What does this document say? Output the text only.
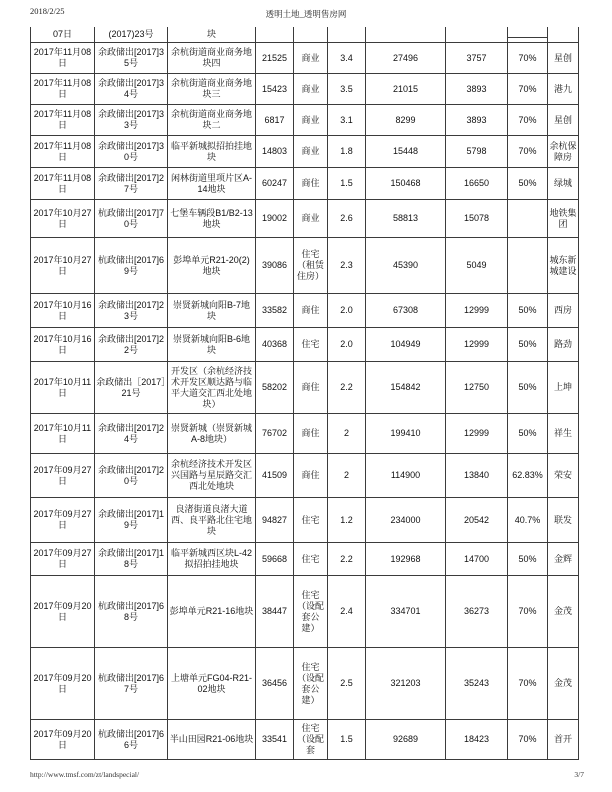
2018/2/25	透明土地_透明售房网
07日	(2017)23号	块							
2017年11月08日	余政储出[2017]35号	余杭街道商业商务地块四	21525	商业	3.4	27496	3757	70%	星创
2017年11月08日	余政储出[2017]34号	余杭街道商业商务地块三	15423	商业	3.5	21015	3893	70%	港九
2017年11月08日	余政储出[2017]33号	余杭街道商业商务地块二	6817	商业	3.1	8299	3893	70%	星创
2017年11月08日	余政储出[2017]30号	临平新城拟招拍挂地块	14803	商业	1.8	15448	5798	70%	余杭保障房
2017年11月08日	余政储出[2017]27号	闲林街道里项片区A-14地块	60247	商住	1.5	150468	16650	50%	绿城
2017年10月27日	杭政储出[2017]70号	七堡车辆段B1/B2-13地块	19002	商业	2.6	58813	15078		地铁集团
2017年10月27日	杭政储出[2017]69号	彭埠单元R21-20(2)地块	39086	住宅（租赁住房）	2.3	45390	5049		城东新城建设
2017年10月16日	余政储出[2017]23号	崇贤新城向阳B-7地块	33582	商住	2.0	67308	12999	50%	西房
2017年10月16日	余政储出[2017]22号	崇贤新城向阳B-6地块	40368	住宅	2.0	104949	12999	50%	路劲
2017年10月11日	余政储出［2017］21号	开发区（余杭经济技术开发区顺达路与临平大道交汇西北处地块）	58202	商住	2.2	154842	12750	50%	上坤
2017年10月11日	余政储出[2017]24号	崇贤新城（崇贤新城A-8地块）	76702	商住	2	199410	12999	50%	祥生
2017年09月27日	余政储出[2017]20号	余杭经济技术开发区兴国路与星辰路交汇西北处地块	41509	商住	2	114900	13840	62.83%	荣安
2017年09月27日	余政储出[2017]19号	良渚街道良渚大道西、良平路北住宅地块	94827	住宅	1.2	234000	20542	40.7%	联发
2017年09月27日	余政储出[2017]18号	临平新城西区块L-42拟招拍挂地块	59668	住宅	2.2	192968	14700	50%	金辉
2017年09月20日	杭政储出[2017]68号	彭埠单元R21-16地块	38447	住宅（设配套公建）	2.4	334701	36273	70%	金茂
2017年09月20日	杭政储出[2017]67号	上塘单元FG04-R21-02地块	36456	住宅（设配套公建）	2.5	321203	35243	70%	金茂
2017年09月20日	杭政储出[2017]66号	半山田园R21-06地块	33541	住宅（设配套	1.5	92689	18423	70%	首开
http://www.tmsf.com/zt/landspecial/	3/7
